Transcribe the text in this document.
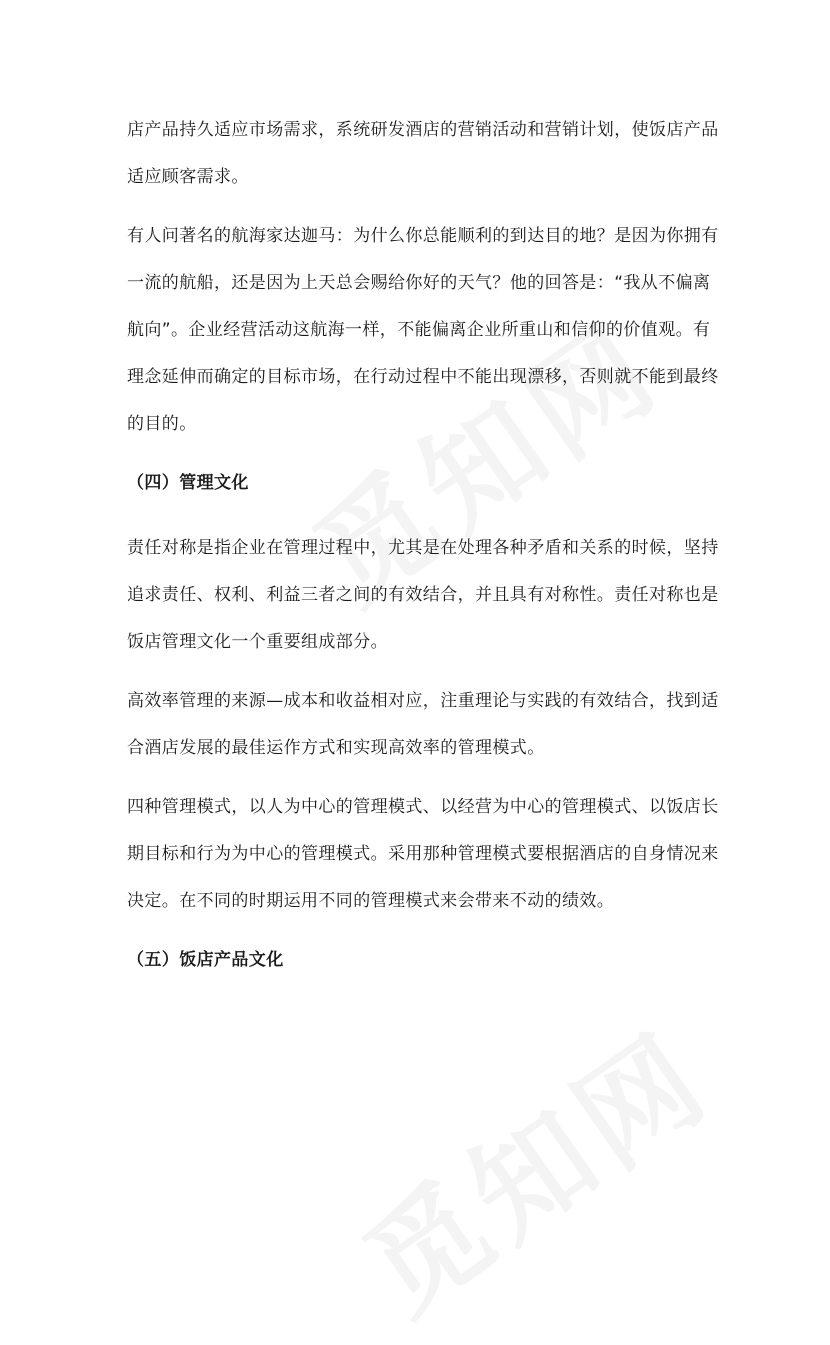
店产品持久适应市场需求，系统研发酒店的营销活动和营销计划，使饭店产品
适应顾客需求。

有人问著名的航海家达迦马：为什么你总能顺利的到达目的地？是因为你拥有
一流的航船，还是因为上天总会赐给你好的天气？他的回答是：“我从不偏离
航向”。企业经营活动这航海一样，不能偏离企业所重山和信仰的价值观。有
理念延伸而确定的目标市场，在行动过程中不能出现漂移，否则就不能到最终
的目的。

（四）管理文化

责任对称是指企业在管理过程中，尤其是在处理各种矛盾和关系的时候，坚持
追求责任、权利、利益三者之间的有效结合，并且具有对称性。责任对称也是
饭店管理文化一个重要组成部分。

高效率管理的来源—成本和收益相对应，注重理论与实践的有效结合，找到适
合酒店发展的最佳运作方式和实现高效率的管理模式。

四种管理模式，以人为中心的管理模式、以经营为中心的管理模式、以饭店长
期目标和行为为中心的管理模式。采用那种管理模式要根据酒店的自身情况来
决定。在不同的时期运用不同的管理模式来会带来不动的绩效。

（五）饭店产品文化
